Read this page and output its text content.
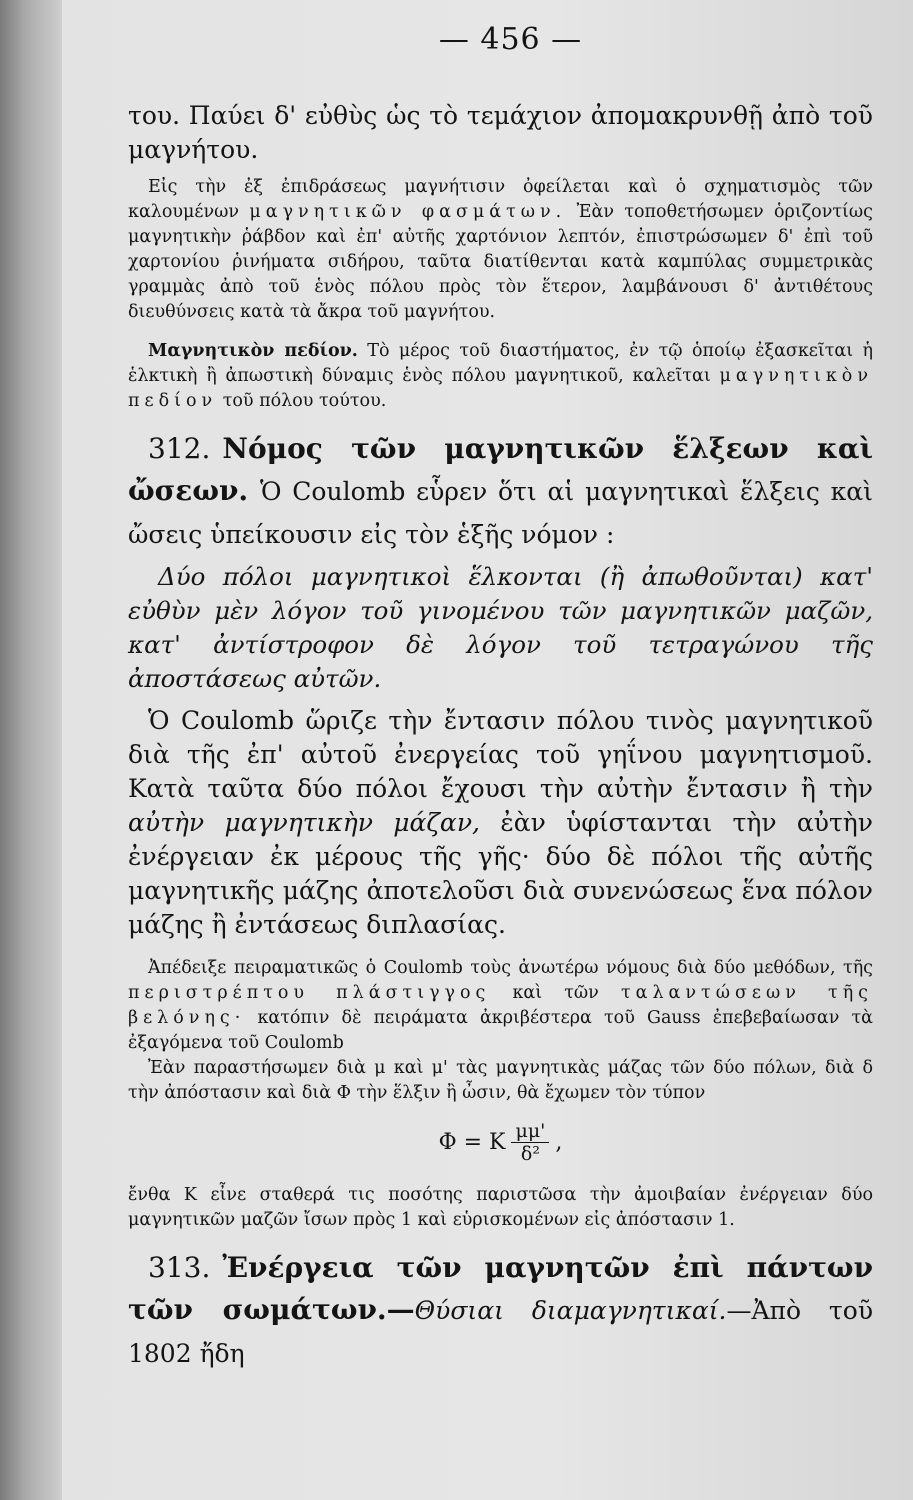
— 456 —

του. Παύει δ' εὐθὺς ὡς τὸ τεμάχιον ἀπομακρυνθῇ ἀπὸ τοῦ μαγνήτου.

Εἰς τὴν ἐξ ἐπιδράσεως μαγνήτισιν ὀφείλεται καὶ ὁ σχηματισμὸς τῶν καλουμένων μαγνητικῶν φασμάτων. Ἐὰν τοποθετήσωμεν ὁριζοντίως μαγνητικὴν ῥάβδον καὶ ἐπ' αὐτῆς χαρτόνιον λεπτόν, ἐπιστρώσωμεν δ' ἐπὶ τοῦ χαρτονίου ῥινήματα σιδήρου, ταῦτα διατίθενται κατὰ καμπύλας συμμετρικὰς γραμμὰς ἀπὸ τοῦ ἑνὸς πόλου πρὸς τὸν ἕτερον, λαμβάνουσι δ' ἀντιθέτους διευθύνσεις κατὰ τὰ ἄκρα τοῦ μαγνήτου.

Μαγνητικὸν πεδίον. Τὸ μέρος τοῦ διαστήματος, ἐν τῷ ὁποίῳ ἐξασκεῖται ἡ ἑλκτικὴ ἢ ἀπωστικὴ δύναμις ἑνὸς πόλου μαγνητικοῦ, καλεῖται μαγνητικὸν πεδίον τοῦ πόλου τούτου.

312. Νόμος τῶν μαγνητικῶν ἕλξεων καὶ ὤσεων. Ὁ Coulomb εὗρεν ὅτι αἱ μαγνητικαὶ ἕλξεις καὶ ὤσεις ὑπείκουσιν εἰς τὸν ἑξῆς νόμον :

Δύο πόλοι μαγνητικοὶ ἕλκονται (ἢ ἀπωθοῦνται) κατ' εὐθὺν μὲν λόγον τοῦ γινομένου τῶν μαγνητικῶν μαζῶν, κατ' ἀντίστροφον δὲ λόγον τοῦ τετραγώνου τῆς ἀποστάσεως αὐτῶν.

Ὁ Coulomb ὥριζε τὴν ἔντασιν πόλου τινὸς μαγνητικοῦ διὰ τῆς ἐπ' αὐτοῦ ἐνεργείας τοῦ γηΐνου μαγνητισμοῦ. Κατὰ ταῦτα δύο πόλοι ἔχουσι τὴν αὐτὴν ἔντασιν ἢ τὴν αὐτὴν μαγνητικὴν μάζαν, ἐὰν ὑφίστανται τὴν αὐτὴν ἐνέργειαν ἐκ μέρους τῆς γῆς· δύο δὲ πόλοι τῆς αὐτῆς μαγνητικῆς μάζης ἀποτελοῦσι διὰ συνενώσεως ἕνα πόλον μάζης ἢ ἐντάσεως διπλασίας.

Ἀπέδειξε πειραματικῶς ὁ Coulomb τοὺς ἀνωτέρω νόμους διὰ δύο μεθόδων, τῆς περιστρέπτου πλάστιγγος καὶ τῶν ταλαντώσεων τῆς βελόνης· κατόπιν δὲ πειράματα ἀκριβέστερα τοῦ Gauss ἐπεβεβαίωσαν τὰ ἐξαγόμενα τοῦ Coulomb

Ἐὰν παραστήσωμεν διὰ μ καὶ μ' τὰς μαγνητικὰς μάζας τῶν δύο πόλων, διὰ δ τὴν ἀπόστασιν καὶ διὰ Φ τὴν ἕλξιν ἢ ὦσιν, θὰ ἔχωμεν τὸν τύπον

Φ = Κ $\frac{\mu\mu'}{\text{δ²}}$ ,

ἔνθα Κ εἶνε σταθερά τις ποσότης παριστῶσα τὴν ἀμοιβαίαν ἐνέργειαν δύο μαγνητικῶν μαζῶν ἴσων πρὸς 1 καὶ εὑρισκομένων εἰς ἀπόστασιν 1.

313. Ἐνέργεια τῶν μαγνητῶν ἐπὶ πάντων τῶν σωμάτων.—Θύσιαι διαμαγνητικαί.—Ἀπὸ τοῦ 1802 ἤδη
